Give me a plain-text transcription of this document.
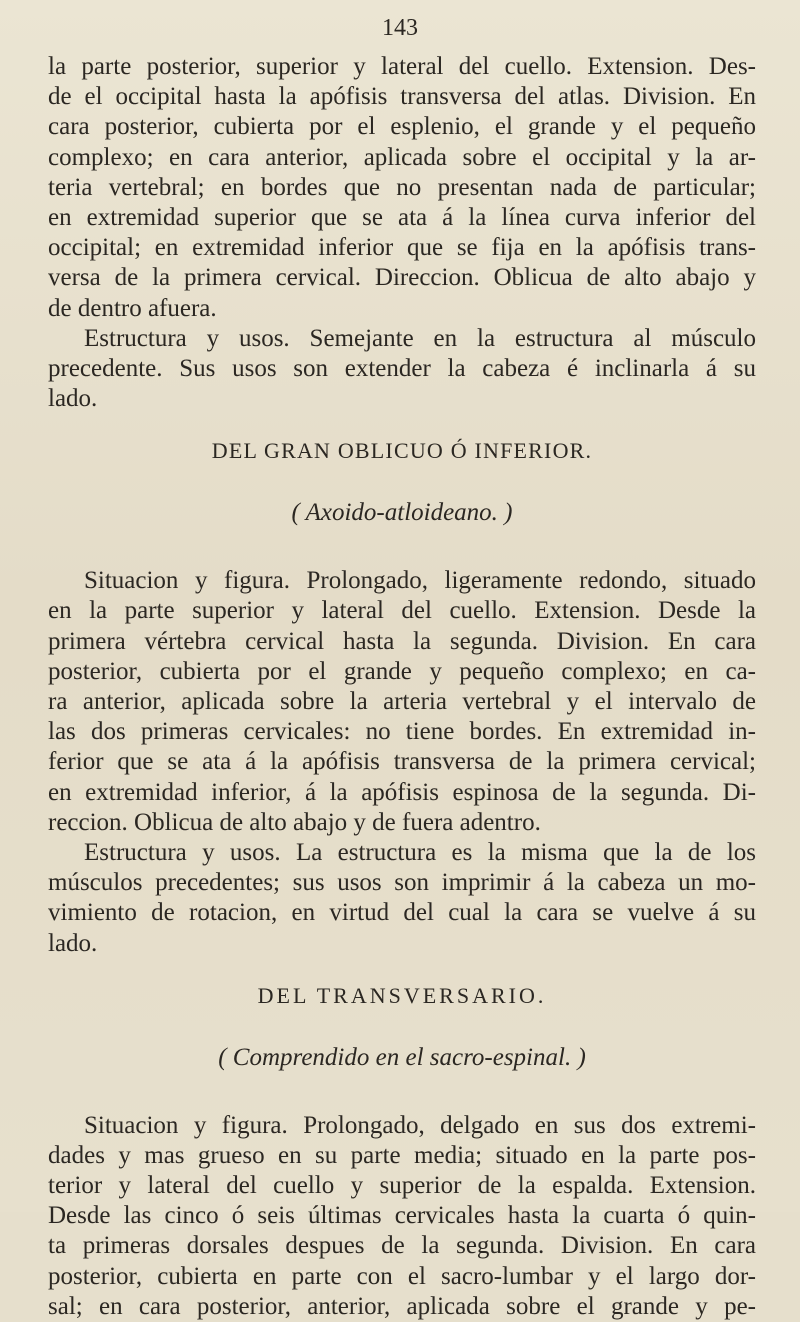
143
la parte posterior, superior y lateral del cuello. Extension. Des-
de el occipital hasta la apófisis transversa del atlas. Division. En
cara posterior, cubierta por el esplenio, el grande y el pequeño
complexo; en cara anterior, aplicada sobre el occipital y la ar-
teria vertebral; en bordes que no presentan nada de particular;
en extremidad superior que se ata á la línea curva inferior del
occipital; en extremidad inferior que se fija en la apófisis trans-
versa de la primera cervical. Direccion. Oblicua de alto abajo y
de dentro afuera.
Estructura y usos. Semejante en la estructura al músculo
precedente. Sus usos son extender la cabeza é inclinarla á su
lado.
DEL GRAN OBLICUO Ó INFERIOR.
( Axoido-atloideano. )
Situacion y figura. Prolongado, ligeramente redondo, situado
en la parte superior y lateral del cuello. Extension. Desde la
primera vértebra cervical hasta la segunda. Division. En cara
posterior, cubierta por el grande y pequeño complexo; en ca-
ra anterior, aplicada sobre la arteria vertebral y el intervalo de
las dos primeras cervicales: no tiene bordes. En extremidad in-
ferior que se ata á la apófisis transversa de la primera cervical;
en extremidad inferior, á la apófisis espinosa de la segunda. Di-
reccion. Oblicua de alto abajo y de fuera adentro.
Estructura y usos. La estructura es la misma que la de los
músculos precedentes; sus usos son imprimir á la cabeza un mo-
vimiento de rotacion, en virtud del cual la cara se vuelve á su
lado.
DEL TRANSVERSARIO.
( Comprendido en el sacro-espinal. )
Situacion y figura. Prolongado, delgado en sus dos extremi-
dades y mas grueso en su parte media; situado en la parte pos-
terior y lateral del cuello y superior de la espalda. Extension.
Desde las cinco ó seis últimas cervicales hasta la cuarta ó quin-
ta primeras dorsales despues de la segunda. Division. En cara
posterior, cubierta en parte con el sacro-lumbar y el largo dor-
sal; en cara posterior, anterior, aplicada sobre el grande y pe-
